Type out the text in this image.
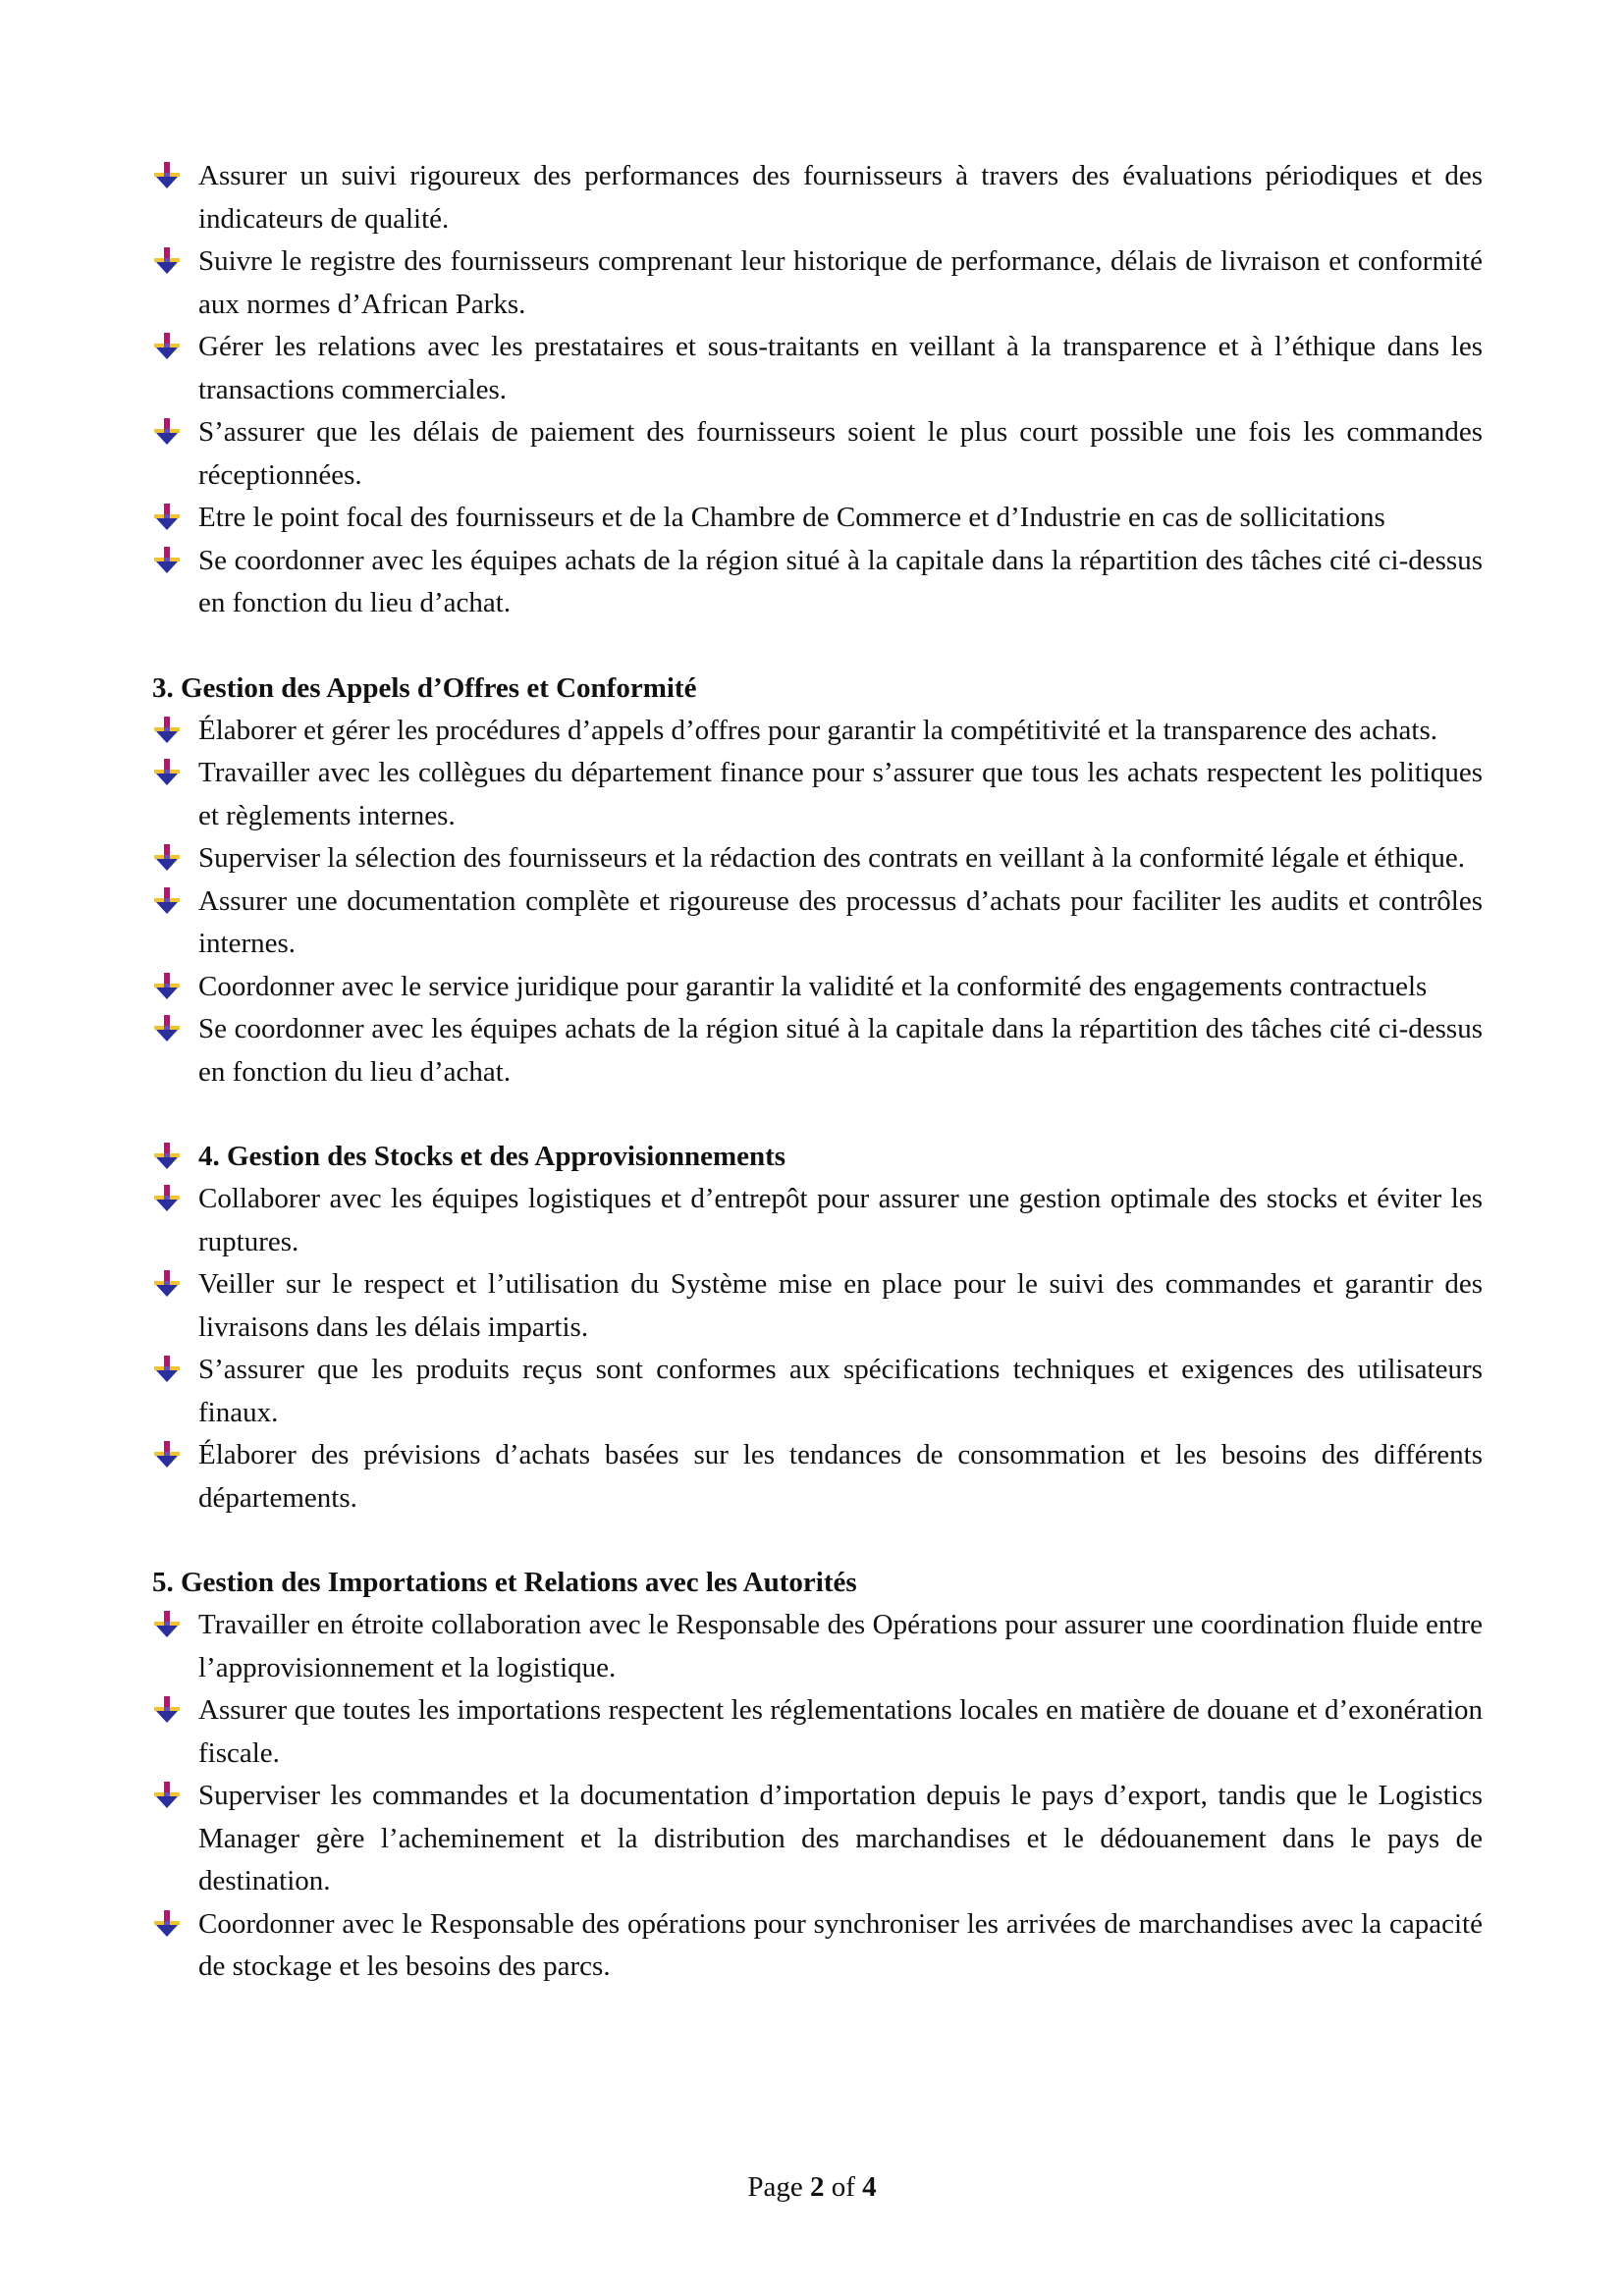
Assurer un suivi rigoureux des performances des fournisseurs à travers des évaluations périodiques et des indicateurs de qualité.
Suivre le registre des fournisseurs comprenant leur historique de performance, délais de livraison et conformité aux normes d’African Parks.
Gérer les relations avec les prestataires et sous-traitants en veillant à la transparence et à l’éthique dans les transactions commerciales.
S’assurer que les délais de paiement des fournisseurs soient le plus court possible une fois les commandes réceptionnées.
Etre le point focal des fournisseurs et de la Chambre de Commerce et d’Industrie en cas de sollicitations
Se coordonner avec les équipes achats de la région situé à la capitale dans la répartition des tâches cité ci-dessus en fonction du lieu d’achat.
3. Gestion des Appels d’Offres et Conformité
Élaborer et gérer les procédures d’appels d’offres pour garantir la compétitivité et la transparence des achats.
Travailler avec les collègues du département finance pour s’assurer que tous les achats respectent les politiques et règlements internes.
Superviser la sélection des fournisseurs et la rédaction des contrats en veillant à la conformité légale et éthique.
Assurer une documentation complète et rigoureuse des processus d’achats pour faciliter les audits et contrôles internes.
Coordonner avec le service juridique pour garantir la validité et la conformité des engagements contractuels
Se coordonner avec les équipes achats de la région situé à la capitale dans la répartition des tâches cité ci-dessus en fonction du lieu d’achat.
4. Gestion des Stocks et des Approvisionnements
Collaborer avec les équipes logistiques et d’entrepôt pour assurer une gestion optimale des stocks et éviter les ruptures.
Veiller sur le respect et l’utilisation du Système mise en place pour le suivi des commandes et garantir des livraisons dans les délais impartis.
S’assurer que les produits reçus sont conformes aux spécifications techniques et exigences des utilisateurs finaux.
Élaborer des prévisions d’achats basées sur les tendances de consommation et les besoins des différents départements.
5. Gestion des Importations et Relations avec les Autorités
Travailler en étroite collaboration avec le Responsable des Opérations pour assurer une coordination fluide entre l’approvisionnement et la logistique.
Assurer que toutes les importations respectent les réglementations locales en matière de douane et d’exonération fiscale.
Superviser les commandes et la documentation d’importation depuis le pays d’export, tandis que le Logistics Manager gère l’acheminement et la distribution des marchandises et le dédouanement dans le pays de destination.
Coordonner avec le Responsable des opérations pour synchroniser les arrivées de marchandises avec la capacité de stockage et les besoins des parcs.
Page 2 of 4
